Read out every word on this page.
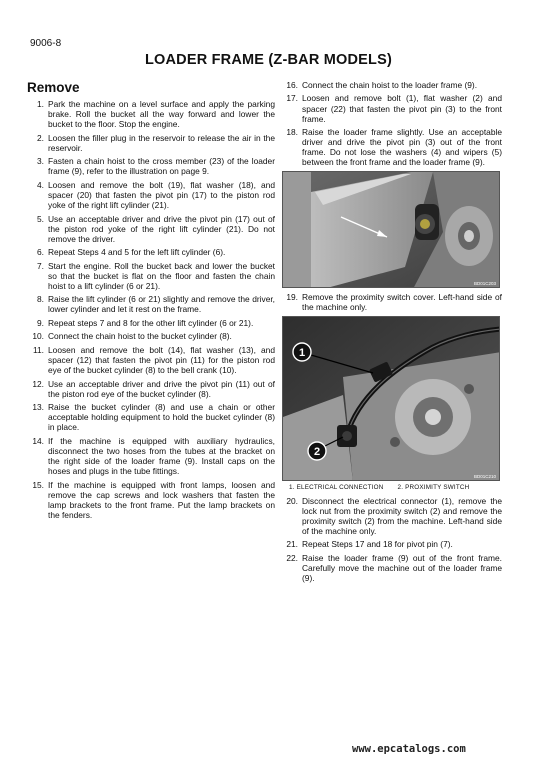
9006-8
LOADER FRAME (Z-BAR MODELS)
Remove
1. Park the machine on a level surface and apply the parking brake. Roll the bucket all the way forward and lower the bucket to the floor. Stop the engine.
2. Loosen the filler plug in the reservoir to release the air in the reservoir.
3. Fasten a chain hoist to the cross member (23) of the loader frame (9), refer to the illustration on page 9.
4. Loosen and remove the bolt (19), flat washer (18), and spacer (20) that fasten the pivot pin (17) to the piston rod yoke of the right lift cylinder (21).
5. Use an acceptable driver and drive the pivot pin (17) out of the piston rod yoke of the right lift cylinder (21). Do not remove the driver.
6. Repeat Steps 4 and 5 for the left lift cylinder (6).
7. Start the engine. Roll the bucket back and lower the bucket so that the bucket is flat on the floor and fasten the chain hoist to a lift cylinder (6 or 21).
8. Raise the lift cylinder (6 or 21) slightly and remove the driver, lower cylinder and let it rest on the frame.
9. Repeat steps 7 and 8 for the other lift cylinder (6 or 21).
10. Connect the chain hoist to the bucket cylinder (8).
11. Loosen and remove the bolt (14), flat washer (13), and spacer (12) that fasten the pivot pin (11) for the piston rod eye of the bucket cylinder (8) to the bell crank (10).
12. Use an acceptable driver and drive the pivot pin (11) out of the piston rod eye of the bucket cylinder (8).
13. Raise the bucket cylinder (8) and use a chain or other acceptable holding equipment to hold the bucket cylinder (8) in place.
14. If the machine is equipped with auxiliary hydraulics, disconnect the two hoses from the tubes at the bracket on the right side of the loader frame (9). Install caps on the hoses and plugs in the tube fittings.
15. If the machine is equipped with front lamps, loosen and remove the cap screws and lock washers that fasten the lamp brackets to the front frame. Put the lamp brackets on the fenders.
16. Connect the chain hoist to the loader frame (9).
17. Loosen and remove bolt (1), flat washer (2) and spacer (22) that fasten the pivot pin (3) to the front frame.
18. Raise the loader frame slightly. Use an acceptable driver and drive the pivot pin (3) out of the front frame. Do not lose the washers (4) and wipers (5) between the front frame and the loader frame (9).
BD01C203
19. Remove the proximity switch cover. Left-hand side of the machine only.
1
2
BD01C210
1. ELECTRICAL CONNECTION 2. PROXIMITY SWITCH
20. Disconnect the electrical connector (1), remove the lock nut from the proximity switch (2) and remove the proximity switch (2) from the machine. Left-hand side of the machine only.
21. Repeat Steps 17 and 18 for pivot pin (7).
22. Raise the loader frame (9) out of the front frame. Carefully move the machine out of the loader frame (9).
www.epcatalogs.com
